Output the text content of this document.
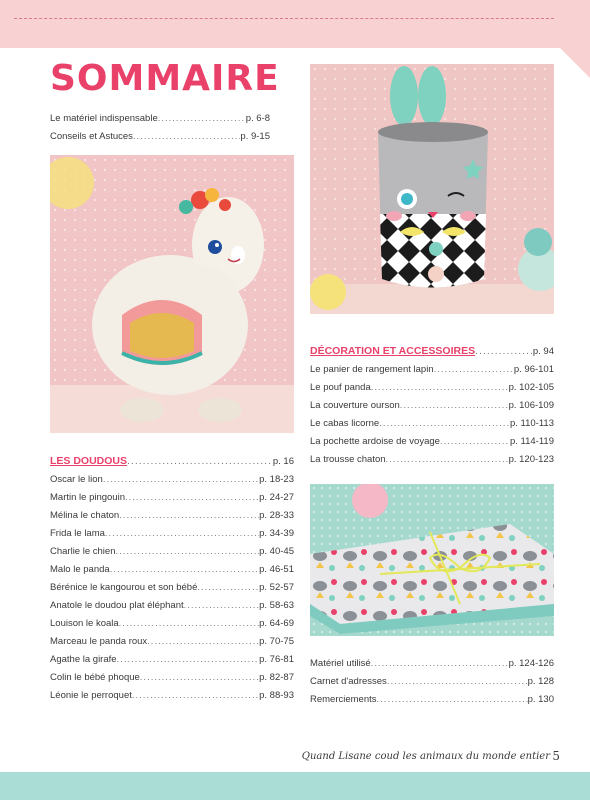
SOMMAIRE
Le matériel indispensable .....	p. 6-8
Conseils et Astuces .....	p. 9-15
LES DOUDOUS .....	p. 16
Oscar le lion .....	p. 18-23
Martin le pingouin .....	p. 24-27
Mélina le chaton .....	p. 28-33
Frida le lama .....	p. 34-39
Charlie le chien .....	p. 40-45
Malo le panda .....	p. 46-51
Bérénice le kangourou et son bébé .....	p. 52-57
Anatole le doudou plat éléphant .....	p. 58-63
Louison le koala .....	p. 64-69
Marceau le panda roux .....	p. 70-75
Agathe la girafe .....	p. 76-81
Colin le bébé phoque .....	p. 82-87
Léonie le perroquet .....	p. 88-93
DÉCORATION ET ACCESSOIRES .....	p. 94
Le panier de rangement lapin .....	p. 96-101
Le pouf panda .....	p. 102-105
La couverture ourson .....	p. 106-109
Le cabas licorne .....	p. 110-113
La pochette ardoise de voyage .....	p. 114-119
La trousse chaton .....	p. 120-123
Matériel utilisé .....	p. 124-126
Carnet d'adresses .....	p. 128
Remerciements .....	p. 130
Quand Lisane coud les animaux du monde entier 5
